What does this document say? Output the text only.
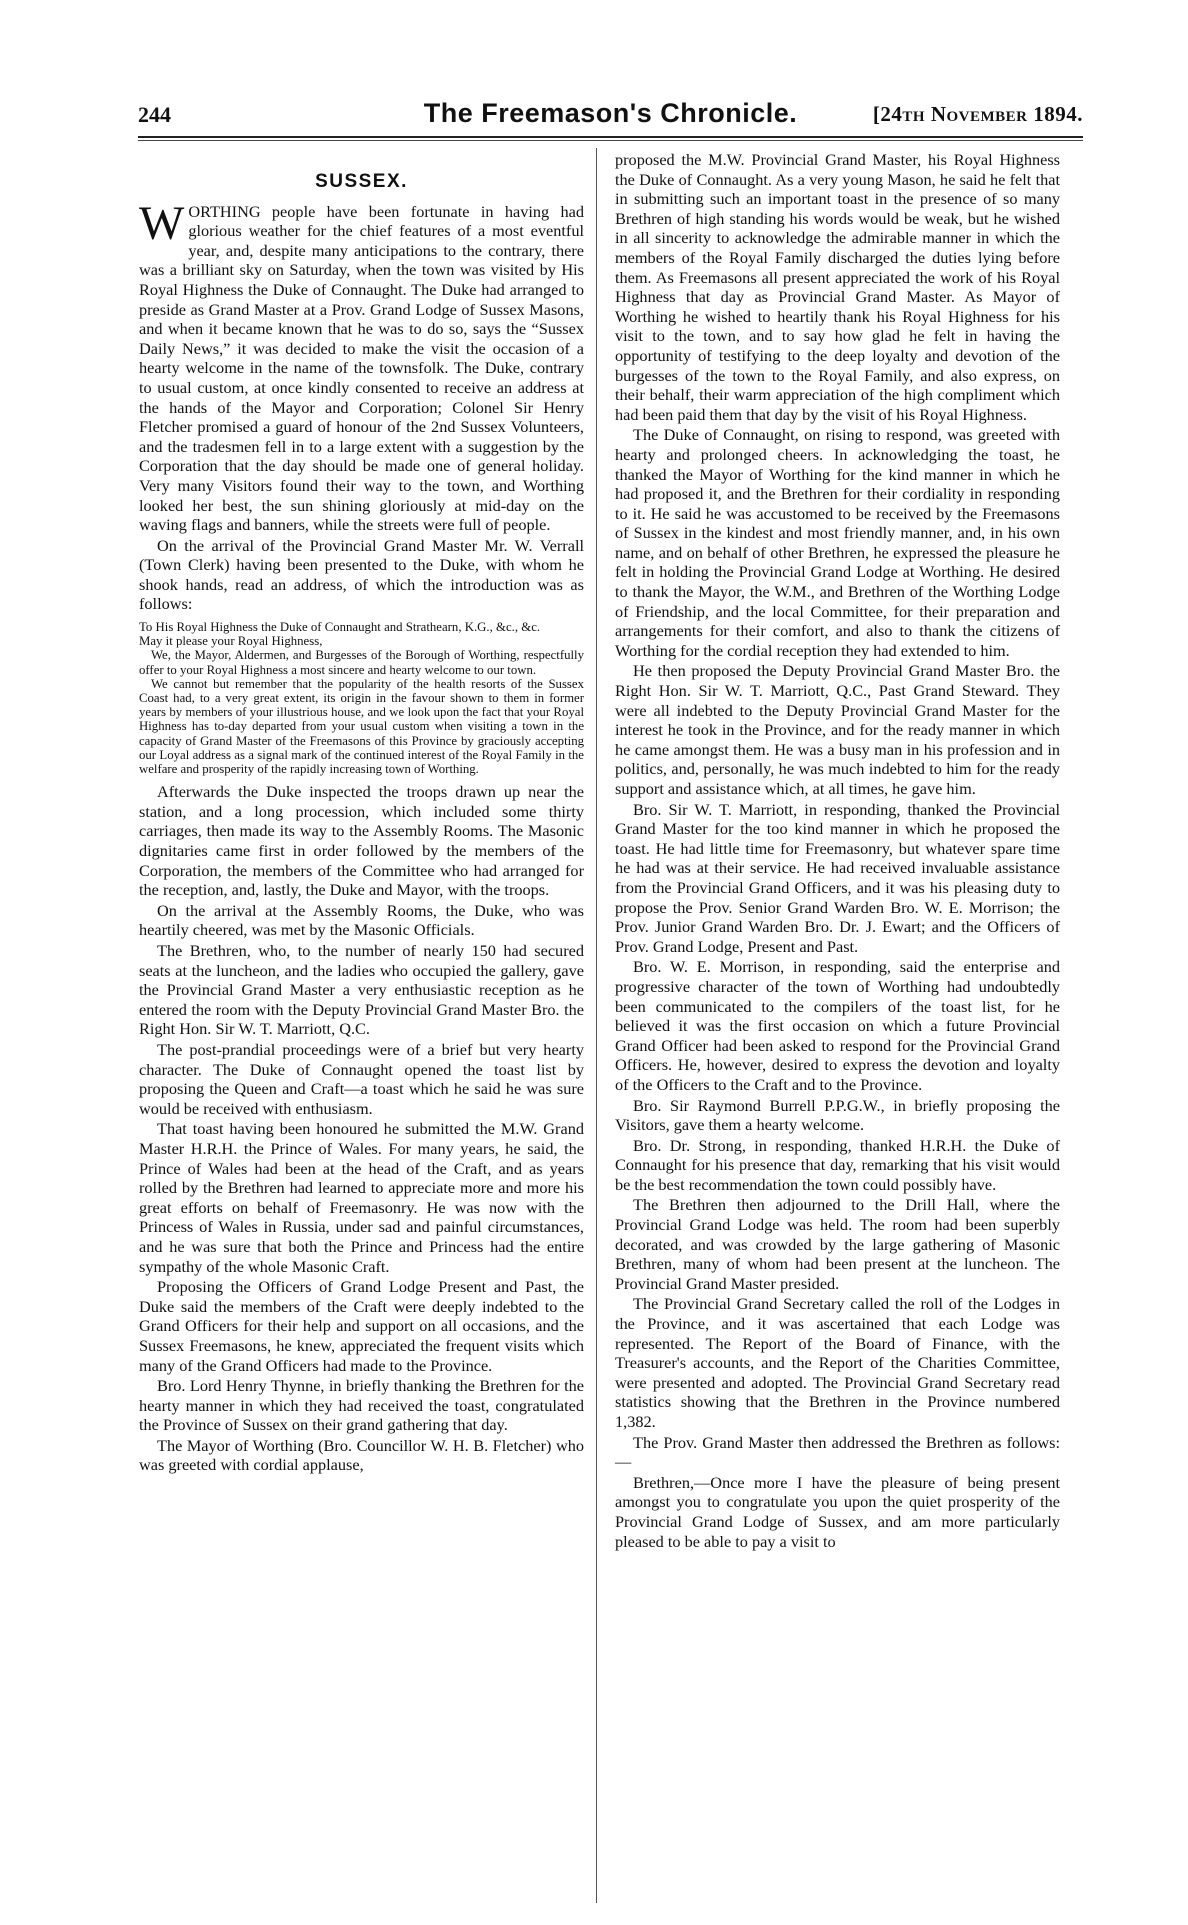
244	The Freemason's Chronicle.	[24th November 1894.
SUSSEX.

WORTHING people have been fortunate in having had glorious weather for the chief features of a most eventful year, and, despite many anticipations to the contrary, there was a brilliant sky on Saturday, when the town was visited by His Royal Highness the Duke of Connaught. The Duke had arranged to preside as Grand Master at a Prov. Grand Lodge of Sussex Masons, and when it became known that he was to do so, says the “Sussex Daily News,” it was decided to make the visit the occasion of a hearty welcome in the name of the townsfolk. The Duke, contrary to usual custom, at once kindly consented to receive an address at the hands of the Mayor and Corporation; Colonel Sir Henry Fletcher promised a guard of honour of the 2nd Sussex Volunteers, and the tradesmen fell in to a large extent with a suggestion by the Corporation that the day should be made one of general holiday. Very many Visitors found their way to the town, and Worthing looked her best, the sun shining gloriously at mid-day on the waving flags and banners, while the streets were full of people.

On the arrival of the Provincial Grand Master Mr. W. Verrall (Town Clerk) having been presented to the Duke, with whom he shook hands, read an address, of which the introduction was as follows:

To His Royal Highness the Duke of Connaught and Strathearn, K.G., &c., &c.

May it please your Royal Highness,

We, the Mayor, Aldermen, and Burgesses of the Borough of Worthing, respectfully offer to your Royal Highness a most sincere and hearty welcome to our town.

We cannot but remember that the popularity of the health resorts of the Sussex Coast had, to a very great extent, its origin in the favour shown to them in former years by members of your illustrious house, and we look upon the fact that your Royal Highness has to-day departed from your usual custom when visiting a town in the capacity of Grand Master of the Freemasons of this Province by graciously accepting our Loyal address as a signal mark of the continued interest of the Royal Family in the welfare and prosperity of the rapidly increasing town of Worthing.

Afterwards the Duke inspected the troops drawn up near the station, and a long procession, which included some thirty carriages, then made its way to the Assembly Rooms. The Masonic dignitaries came first in order followed by the members of the Corporation, the members of the Committee who had arranged for the reception, and, lastly, the Duke and Mayor, with the troops.

On the arrival at the Assembly Rooms, the Duke, who was heartily cheered, was met by the Masonic Officials.

The Brethren, who, to the number of nearly 150 had secured seats at the luncheon, and the ladies who occupied the gallery, gave the Provincial Grand Master a very enthusiastic reception as he entered the room with the Deputy Provincial Grand Master Bro. the Right Hon. Sir W. T. Marriott, Q.C.

The post-prandial proceedings were of a brief but very hearty character. The Duke of Connaught opened the toast list by proposing the Queen and Craft—a toast which he said he was sure would be received with enthusiasm.

That toast having been honoured he submitted the M.W. Grand Master H.R.H. the Prince of Wales. For many years, he said, the Prince of Wales had been at the head of the Craft, and as years rolled by the Brethren had learned to appreciate more and more his great efforts on behalf of Freemasonry. He was now with the Princess of Wales in Russia, under sad and painful circumstances, and he was sure that both the Prince and Princess had the entire sympathy of the whole Masonic Craft.

Proposing the Officers of Grand Lodge Present and Past, the Duke said the members of the Craft were deeply indebted to the Grand Officers for their help and support on all occasions, and the Sussex Freemasons, he knew, appreciated the frequent visits which many of the Grand Officers had made to the Province.

Bro. Lord Henry Thynne, in briefly thanking the Brethren for the hearty manner in which they had received the toast, congratulated the Province of Sussex on their grand gathering that day.

The Mayor of Worthing (Bro. Councillor W. H. B. Fletcher) who was greeted with cordial applause,

proposed the M.W. Provincial Grand Master, his Royal Highness the Duke of Connaught. As a very young Mason, he said he felt that in submitting such an important toast in the presence of so many Brethren of high standing his words would be weak, but he wished in all sincerity to acknowledge the admirable manner in which the members of the Royal Family discharged the duties lying before them. As Freemasons all present appreciated the work of his Royal Highness that day as Provincial Grand Master. As Mayor of Worthing he wished to heartily thank his Royal Highness for his visit to the town, and to say how glad he felt in having the opportunity of testifying to the deep loyalty and devotion of the burgesses of the town to the Royal Family, and also express, on their behalf, their warm appreciation of the high compliment which had been paid them that day by the visit of his Royal Highness.

The Duke of Connaught, on rising to respond, was greeted with hearty and prolonged cheers. In acknowledging the toast, he thanked the Mayor of Worthing for the kind manner in which he had proposed it, and the Brethren for their cordiality in responding to it. He said he was accustomed to be received by the Freemasons of Sussex in the kindest and most friendly manner, and, in his own name, and on behalf of other Brethren, he expressed the pleasure he felt in holding the Provincial Grand Lodge at Worthing. He desired to thank the Mayor, the W.M., and Brethren of the Worthing Lodge of Friendship, and the local Committee, for their preparation and arrangements for their comfort, and also to thank the citizens of Worthing for the cordial reception they had extended to him.

He then proposed the Deputy Provincial Grand Master Bro. the Right Hon. Sir W. T. Marriott, Q.C., Past Grand Steward. They were all indebted to the Deputy Provincial Grand Master for the interest he took in the Province, and for the ready manner in which he came amongst them. He was a busy man in his profession and in politics, and, personally, he was much indebted to him for the ready support and assistance which, at all times, he gave him.

Bro. Sir W. T. Marriott, in responding, thanked the Provincial Grand Master for the too kind manner in which he proposed the toast. He had little time for Freemasonry, but whatever spare time he had was at their service. He had received invaluable assistance from the Provincial Grand Officers, and it was his pleasing duty to propose the Prov. Senior Grand Warden Bro. W. E. Morrison; the Prov. Junior Grand Warden Bro. Dr. J. Ewart; and the Officers of Prov. Grand Lodge, Present and Past.

Bro. W. E. Morrison, in responding, said the enterprise and progressive character of the town of Worthing had undoubtedly been communicated to the compilers of the toast list, for he believed it was the first occasion on which a future Provincial Grand Officer had been asked to respond for the Provincial Grand Officers. He, however, desired to express the devotion and loyalty of the Officers to the Craft and to the Province.

Bro. Sir Raymond Burrell P.P.G.W., in briefly proposing the Visitors, gave them a hearty welcome.

Bro. Dr. Strong, in responding, thanked H.R.H. the Duke of Connaught for his presence that day, remarking that his visit would be the best recommendation the town could possibly have.

The Brethren then adjourned to the Drill Hall, where the Provincial Grand Lodge was held. The room had been superbly decorated, and was crowded by the large gathering of Masonic Brethren, many of whom had been present at the luncheon. The Provincial Grand Master presided.

The Provincial Grand Secretary called the roll of the Lodges in the Province, and it was ascertained that each Lodge was represented. The Report of the Board of Finance, with the Treasurer's accounts, and the Report of the Charities Committee, were presented and adopted. The Provincial Grand Secretary read statistics showing that the Brethren in the Province numbered 1,382.

The Prov. Grand Master then addressed the Brethren as follows:—

Brethren,—Once more I have the pleasure of being present amongst you to congratulate you upon the quiet prosperity of the Provincial Grand Lodge of Sussex, and am more particularly pleased to be able to pay a visit to
